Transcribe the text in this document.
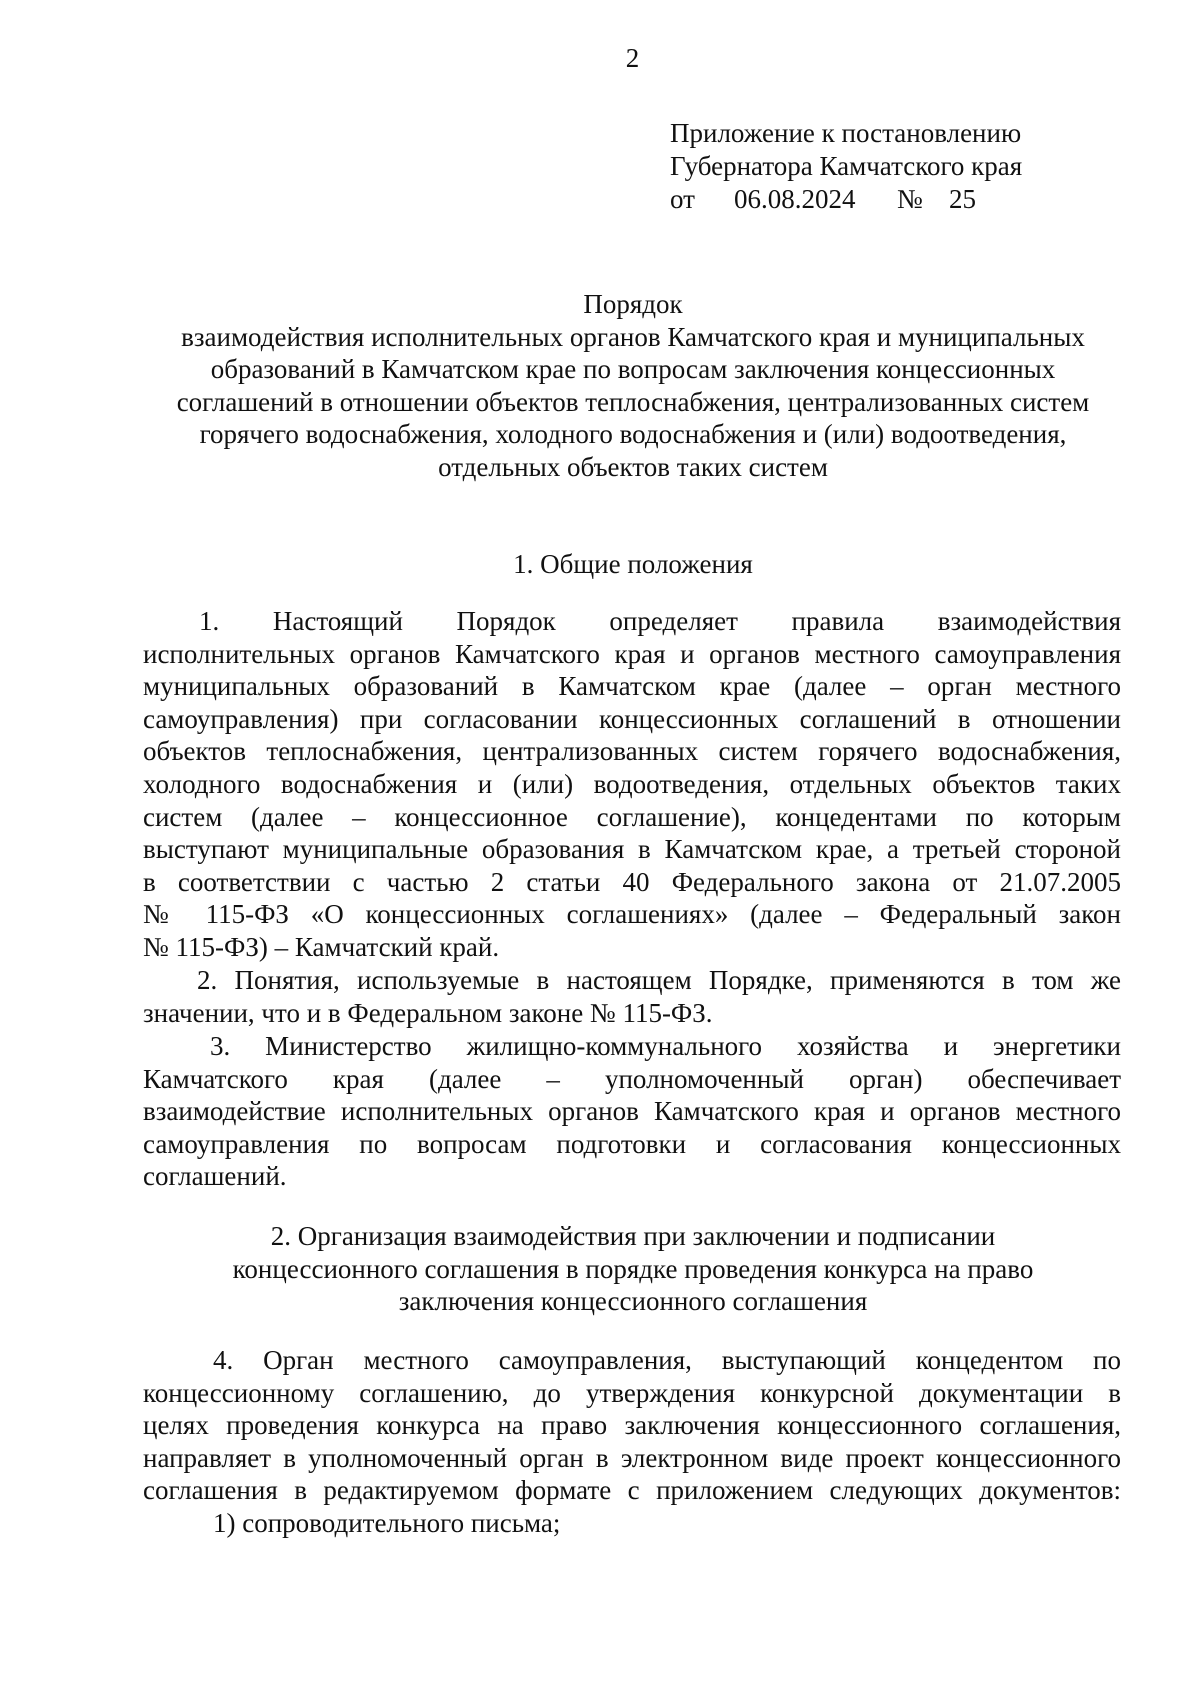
2
Приложение к постановлению
Губернатора Камчатского края
от 06.08.2024 № 25
Порядок
взаимодействия исполнительных органов Камчатского края и муниципальных
образований в Камчатском крае по вопросам заключения концессионных
соглашений в отношении объектов теплоснабжения, централизованных систем
горячего водоснабжения, холодного водоснабжения и (или) водоотведения,
отдельных объектов таких систем
1. Общие положения
1. Настоящий Порядок определяет правила взаимодействия
исполнительных органов Камчатского края и органов местного самоуправления
муниципальных образований в Камчатском крае (далее – орган местного
самоуправления) при согласовании концессионных соглашений в отношении
объектов теплоснабжения, централизованных систем горячего водоснабжения,
холодного водоснабжения и (или) водоотведения, отдельных объектов таких
систем (далее – концессионное соглашение), концедентами по которым
выступают муниципальные образования в Камчатском крае, а третьей стороной
в соответствии с частью 2 статьи 40 Федерального закона от 21.07.2005
№ 115-ФЗ «О концессионных соглашениях» (далее – Федеральный закон
№ 115-ФЗ) – Камчатский край.
2. Понятия, используемые в настоящем Порядке, применяются в том же
значении, что и в Федеральном законе № 115-ФЗ.
3. Министерство жилищно-коммунального хозяйства и энергетики
Камчатского края (далее – уполномоченный орган) обеспечивает
взаимодействие исполнительных органов Камчатского края и органов местного
самоуправления по вопросам подготовки и согласования концессионных
соглашений.
2. Организация взаимодействия при заключении и подписании
концессионного соглашения в порядке проведения конкурса на право
заключения концессионного соглашения
4. Орган местного самоуправления, выступающий концедентом по
концессионному соглашению, до утверждения конкурсной документации в
целях проведения конкурса на право заключения концессионного соглашения,
направляет в уполномоченный орган в электронном виде проект концессионного
соглашения в редактируемом формате с приложением следующих документов:
1) сопроводительного письма;
